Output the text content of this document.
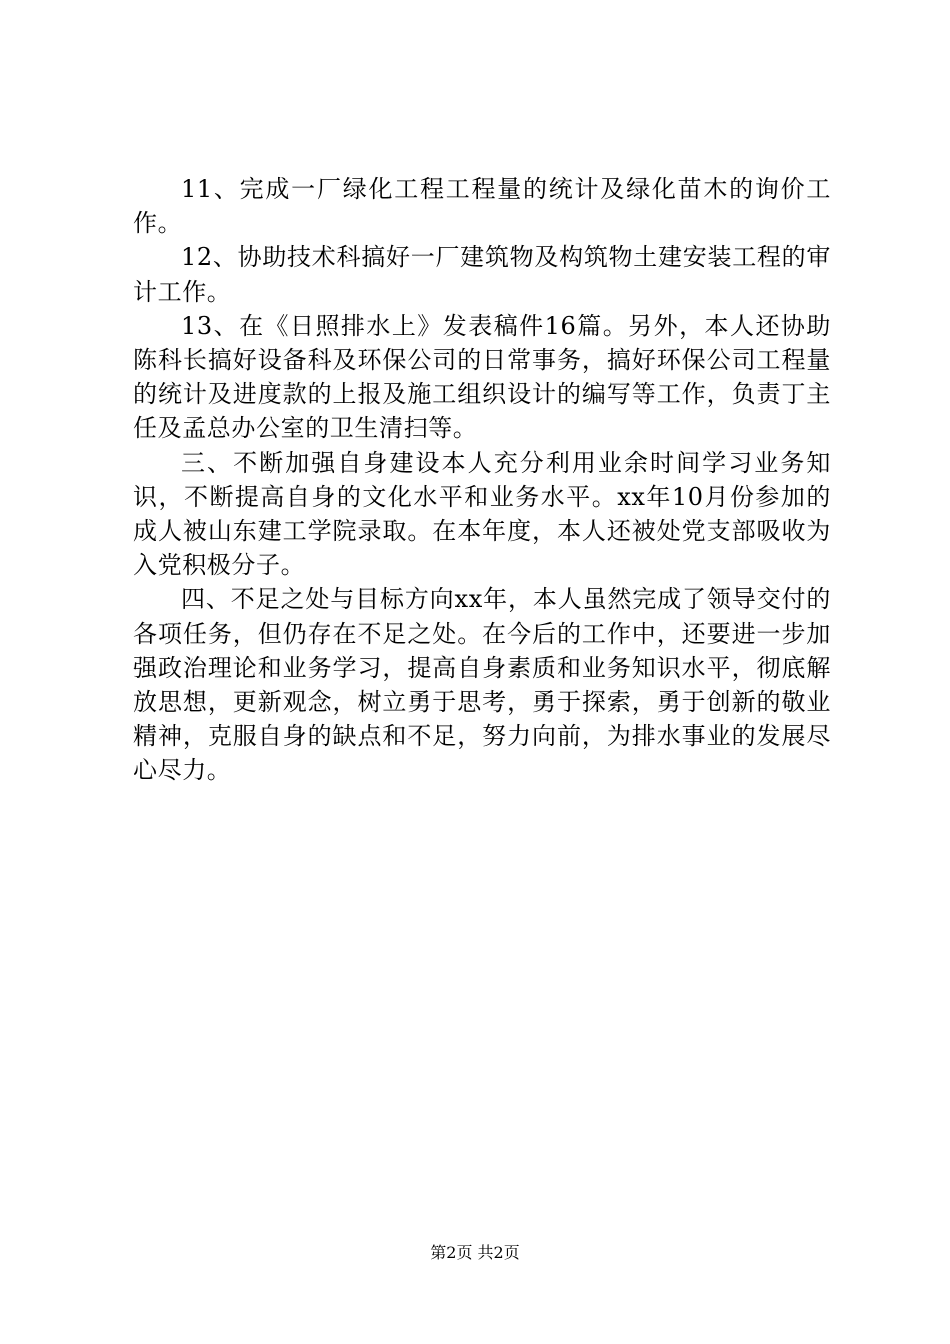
11、完成一厂绿化工程工程量的统计及绿化苗木的询价工作。

12、协助技术科搞好一厂建筑物及构筑物土建安装工程的审计工作。

13、在《日照排水上》发表稿件16篇。另外，本人还协助陈科长搞好设备科及环保公司的日常事务，搞好环保公司工程量的统计及进度款的上报及施工组织设计的编写等工作，负责丁主任及孟总办公室的卫生清扫等。

三、不断加强自身建设本人充分利用业余时间学习业务知识，不断提高自身的文化水平和业务水平。xx年10月份参加的成人被山东建工学院录取。在本年度，本人还被处党支部吸收为入党积极分子。

四、不足之处与目标方向xx年，本人虽然完成了领导交付的各项任务，但仍存在不足之处。在今后的工作中，还要进一步加强政治理论和业务学习，提高自身素质和业务知识水平，彻底解放思想，更新观念，树立勇于思考，勇于探索，勇于创新的敬业精神，克服自身的缺点和不足，努力向前，为排水事业的发展尽心尽力。

第2页 共2页
